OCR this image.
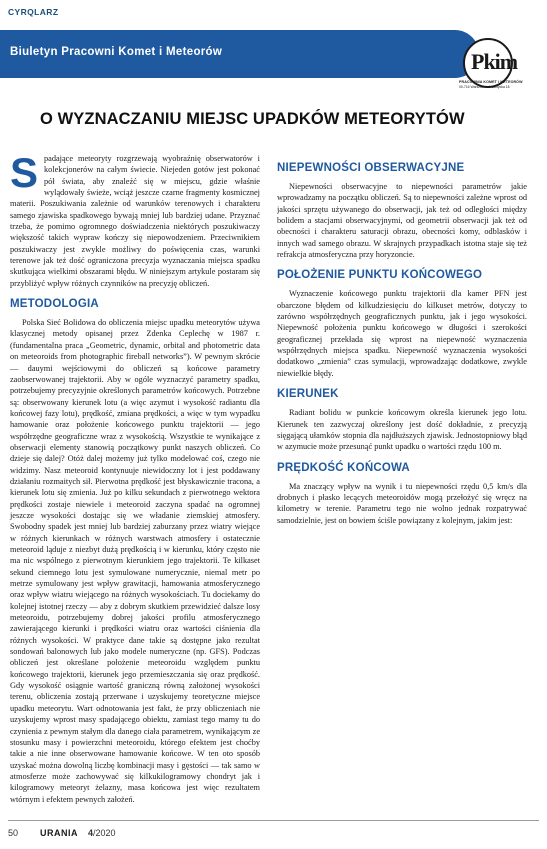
CYRQLARZ
Biuletyn Pracowni Komet i Meteorów	Pkim
PRACOWNIA KOMET I METEORÓW
00-716 Warszawa ul. Bartycka 18
O WYZNACZANIU MIEJSC UPADKÓW METEORYTÓW

Spadające meteoryty rozgrzewają wyobraźnię obserwatorów i kolekcjonerów na całym świecie. Niejeden gotów jest pokonać pół świata, aby znaleźć się w miejscu, gdzie właśnie wylądowały świeże, wciąż jeszcze czarne fragmenty kosmicznej materii. Poszukiwania zależnie od warunków terenowych i charakteru samego zjawiska spadkowego bywają mniej lub bardziej udane. Przyznać trzeba, że pomimo ogromnego doświadczenia niektórych poszukiwaczy większość takich wypraw kończy się niepowodzeniem. Przeciwnikiem poszukiwaczy jest zwykle możliwy do poświęcenia czas, warunki terenowe jak też dość ograniczona precyzja wyznaczania miejsca spadku skutkująca wielkimi obszarami błędu. W niniejszym artykule postaram się przybliżyć wpływ różnych czynników na precyzję obliczeń.

METODOLOGIA

Polska Sieć Bolidowa do obliczenia miejsc upadku meteorytów używa klasycznej metody opisanej przez Zdenka Ceplechę w 1987 r. (fundamentalna praca „Geometric, dynamic, orbital and photometric data on meteoroids from photographic fireball networks”). W pewnym skrócie — dauymi wejściowymi do obliczeń są końcowe parametry zaobserwowanej trajektorii. Aby w ogóle wyznaczyć parametry spadku, potrzebujemy precyzyjnie określonych parametrów końcowych. Potrzebne są: obserwowany kierunek lotu (a więc azymut i wysokość radiantu dla końcowej fazy lotu), prędkość, zmiana prędkości, a więc w tym wypadku hamowanie oraz położenie końcowego punktu trajektorii — jego współrzędne geograficzne wraz z wysokością. Wszystkie te wynikające z obserwacji elementy stanowią początkowy punkt naszych obliczeń. Co dzieje się dalej? Otóż dalej możemy już tylko modelować coś, czego nie widzimy. Nasz meteoroid kontynuuje niewidoczny lot i jest poddawany działaniu rozmaitych sił. Pierwotna prędkość jest błyskawicznie tracona, a kierunek lotu się zmienia. Już po kilku sekundach z pierwotnego wektora prędkości zostaje niewiele i meteoroid zaczyna spadać na ogromnej jeszcze wysokości dostając się we władanie ziemskiej atmosfery. Swobodny spadek jest mniej lub bardziej zaburzany przez wiatry wiejące w różnych kierunkach w różnych warstwach atmosfery i ostatecznie meteoroid ląduje z niezbyt dużą prędkością i w kierunku, który często nie ma nic wspólnego z pierwotnym kierunkiem jego trajektorii. Te kilkaset sekund ciemnego lotu jest symulowane numerycznie, niemal metr po metrze symulowany jest wpływ grawitacji, hamowania atmosferycznego oraz wpływ wiatru wiejącego na różnych wysokościach. Tu dociekamy do kolejnej istotnej rzeczy — aby z dobrym skutkiem przewidzieć dalsze losy meteoroidu, potrzebujemy dobrej jakości profilu atmosferycznego zawierającego kierunki i prędkości wiatru oraz wartości ciśnienia dla różnych wysokości. W praktyce dane takie są dostępne jako rezultat sondowań balonowych lub jako modele numeryczne (np. GFS). Podczas obliczeń jest określane położenie meteoroidu względem punktu końcowego trajektorii, kierunek jego przemieszczania się oraz prędkość. Gdy wysokość osiągnie wartość graniczną równą założonej wysokości terenu, obliczenia zostają przerwane i uzyskujemy teoretyczne miejsce upadku meteorytu. Wart odnotowania jest fakt, że przy obliczeniach nie uzyskujemy wprost masy spadającego obiektu, zamiast tego mamy tu do czynienia z pewnym stałym dla danego ciała parametrem, wynikającym ze stosunku masy i powierzchni meteoroidu, którego efektem jest choćby takie a nie inne obserwowane hamowanie końcowe. W ten oto sposób uzyskać można dowolną liczbę kombinacji masy i gęstości — tak samo w atmosferze może zachowywać się kilkukilogramowy chondryt jak i kilogramowy meteoryt żelazny, masa końcowa jest więc rezultatem wtórnym i efektem pewnych założeń.

NIEPEWNOŚCI OBSERWACYJNE

Niepewności obserwacyjne to niepewności parametrów jakie wprowadzamy na początku obliczeń. Są to niepewności zależne wprost od jakości sprzętu używanego do obserwacji, jak też od odległości między bolidem a stacjami obserwacyjnymi, od geometrii obserwacji jak też od obecności i charakteru saturacji obrazu, obecności komy, odblasków i innych wad samego obrazu. W skrajnych przypadkach istotna staje się też refrakcja atmosferyczna przy horyzoncie.

POŁOŻENIE PUNKTU KOŃCOWEGO

Wyznaczenie końcowego punktu trajektorii dla kamer PFN jest obarczone błędem od kilkudziesięciu do kilkuset metrów, dotyczy to zarówno współrzędnych geograficznych punktu, jak i jego wysokości. Niepewność położenia punktu końcowego w długości i szerokości geograficznej przekłada się wprost na niepewność wyznaczenia współrzędnych miejsca spadku. Niepewność wyznaczenia wysokości dodatkowo „zmienia” czas symulacji, wprowadzając dodatkowe, zwykle niewielkie błędy.

KIERUNEK

Radiant bolidu w punkcie końcowym określa kierunek jego lotu. Kierunek ten zazwyczaj określony jest dość dokładnie, z precyzją sięgającą ułamków stopnia dla najdłuższych zjawisk. Jednostopniowy błąd w azymucie może przesunąć punkt upadku o wartości rzędu 100 m.

PRĘDKOŚĆ KOŃCOWA

Ma znaczący wpływ na wynik i tu niepewności rzędu 0,5 km/s dla drobnych i płasko lecących meteoroidów mogą przełożyć się wręcz na kilometry w terenie. Parametru tego nie wolno jednak rozpatrywać samodzielnie, jest on bowiem ściśle powiązany z kolejnym, jakim jest:

50 URANIA 4/2020
